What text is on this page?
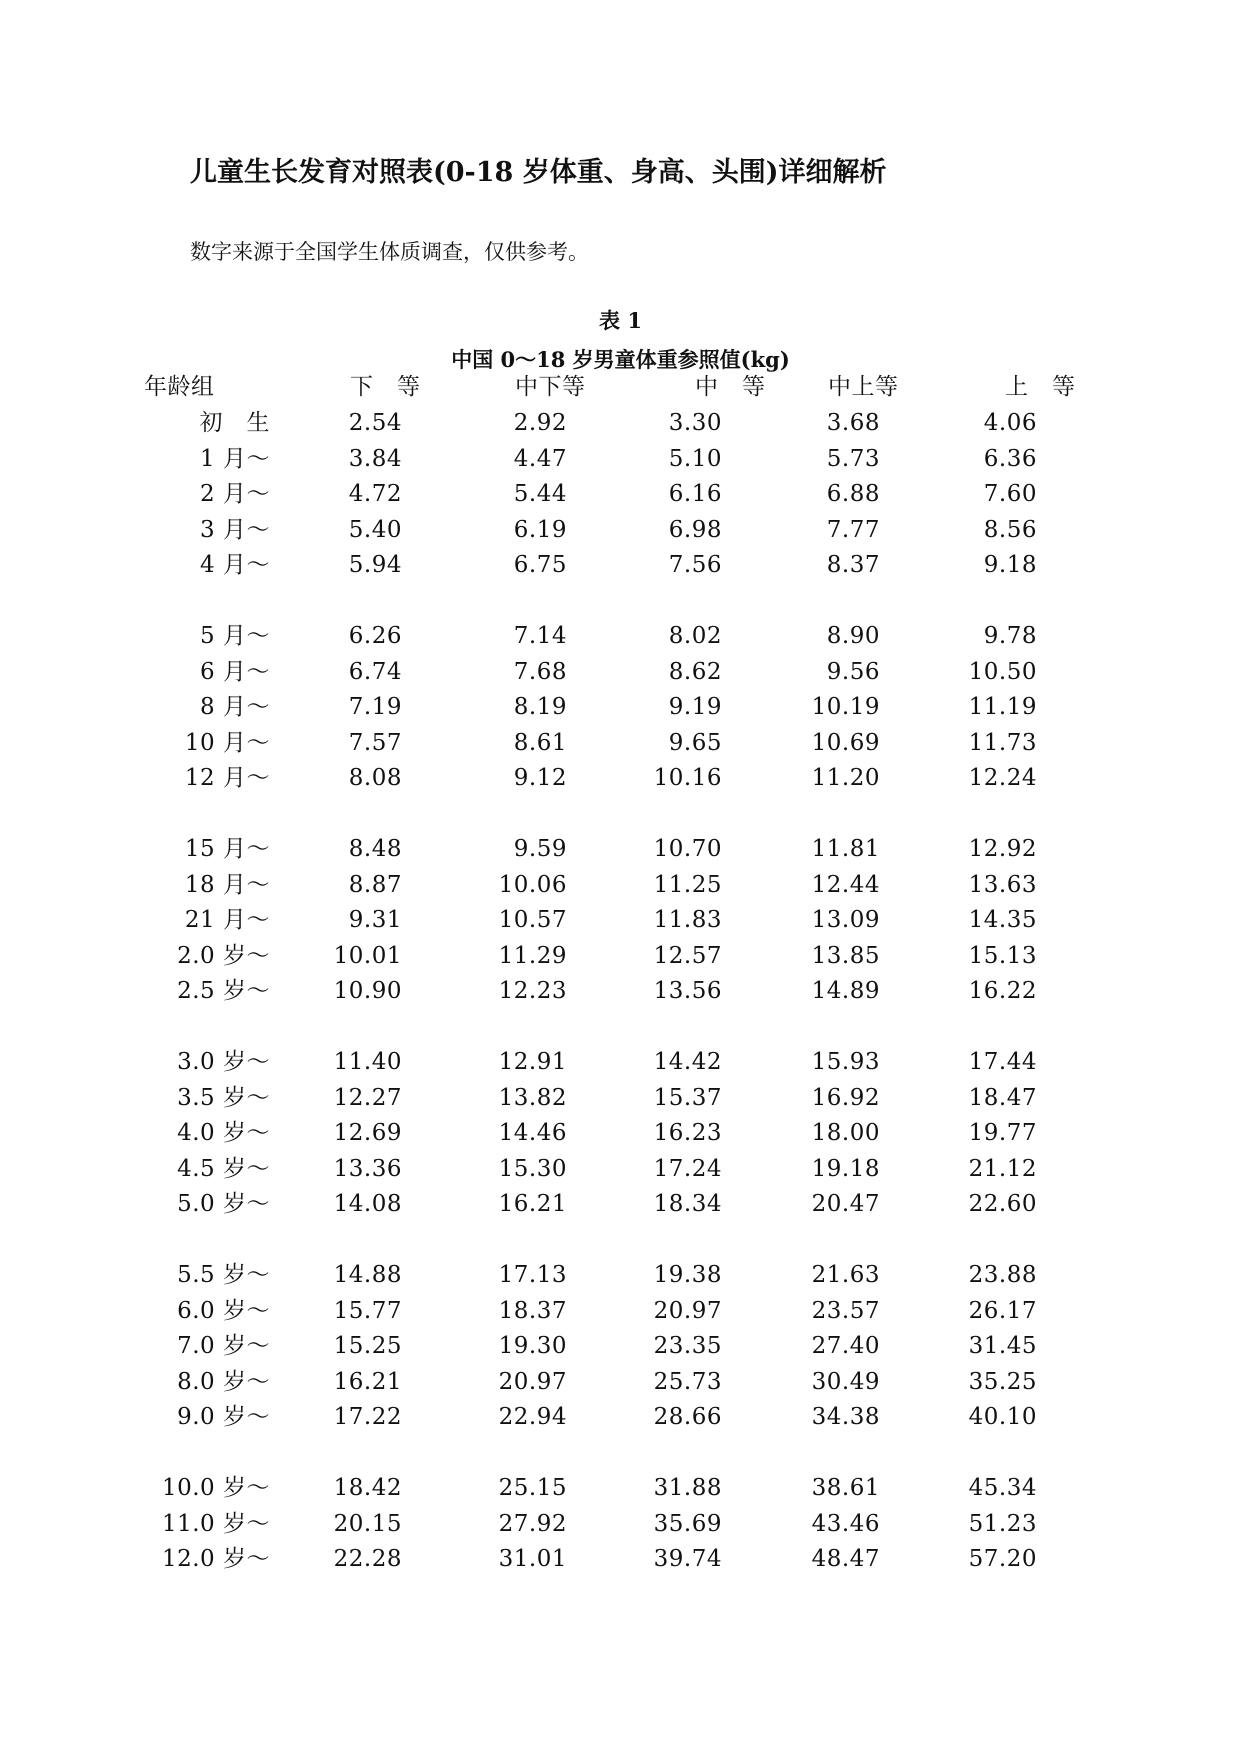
儿童生长发育对照表(0-18 岁体重、身高、头围)详细解析

数字来源于全国学生体质调查，仅供参考。

表 1
中国 0～18 岁男童体重参照值(kg)
年龄组	下　等	中下等	中　等	中上等	上　等
初　生	2.54	2.92	3.30	3.68	4.06
1 月～	3.84	4.47	5.10	5.73	6.36
2 月～	4.72	5.44	6.16	6.88	7.60
3 月～	5.40	6.19	6.98	7.77	8.56
4 月～	5.94	6.75	7.56	8.37	9.18
5 月～	6.26	7.14	8.02	8.90	9.78
6 月～	6.74	7.68	8.62	9.56	10.50
8 月～	7.19	8.19	9.19	10.19	11.19
10 月～	7.57	8.61	9.65	10.69	11.73
12 月～	8.08	9.12	10.16	11.20	12.24
15 月～	8.48	9.59	10.70	11.81	12.92
18 月～	8.87	10.06	11.25	12.44	13.63
21 月～	9.31	10.57	11.83	13.09	14.35
2.0 岁～	10.01	11.29	12.57	13.85	15.13
2.5 岁～	10.90	12.23	13.56	14.89	16.22
3.0 岁～	11.40	12.91	14.42	15.93	17.44
3.5 岁～	12.27	13.82	15.37	16.92	18.47
4.0 岁～	12.69	14.46	16.23	18.00	19.77
4.5 岁～	13.36	15.30	17.24	19.18	21.12
5.0 岁～	14.08	16.21	18.34	20.47	22.60
5.5 岁～	14.88	17.13	19.38	21.63	23.88
6.0 岁～	15.77	18.37	20.97	23.57	26.17
7.0 岁～	15.25	19.30	23.35	27.40	31.45
8.0 岁～	16.21	20.97	25.73	30.49	35.25
9.0 岁～	17.22	22.94	28.66	34.38	40.10
10.0 岁～	18.42	25.15	31.88	38.61	45.34
11.0 岁～	20.15	27.92	35.69	43.46	51.23
12.0 岁～	22.28	31.01	39.74	48.47	57.20
